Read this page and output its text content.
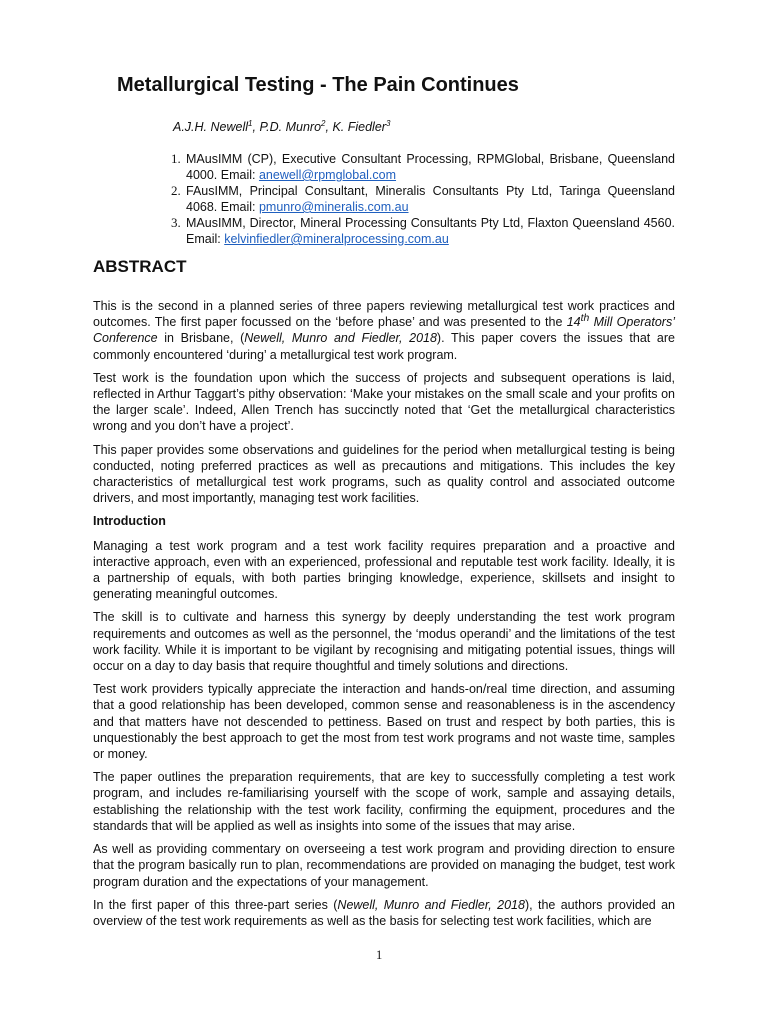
Metallurgical Testing - The Pain Continues
A.J.H. Newell$^1$, P.D. Munro$^2$, K. Fiedler$^3$
1. MAusIMM (CP), Executive Consultant Processing, RPMGlobal, Brisbane, Queensland 4000. Email: anewell@rpmglobal.com
2. FAusIMM, Principal Consultant, Mineralis Consultants Pty Ltd, Taringa Queensland 4068. Email: pmunro@mineralis.com.au
3. MAusIMM, Director, Mineral Processing Consultants Pty Ltd, Flaxton Queensland 4560. Email: kelvinfiedler@mineralprocessing.com.au
ABSTRACT

This is the second in a planned series of three papers reviewing metallurgical test work practices and outcomes. The first paper focussed on the ‘before phase’ and was presented to the 14th Mill Operators’ Conference in Brisbane, (Newell, Munro and Fiedler, 2018). This paper covers the issues that are commonly encountered ‘during’ a metallurgical test work program.

Test work is the foundation upon which the success of projects and subsequent operations is laid, reflected in Arthur Taggart’s pithy observation: ‘Make your mistakes on the small scale and your profits on the larger scale’. Indeed, Allen Trench has succinctly noted that ‘Get the metallurgical characteristics wrong and you don’t have a project’.

This paper provides some observations and guidelines for the period when metallurgical testing is being conducted, noting preferred practices as well as precautions and mitigations. This includes the key characteristics of metallurgical test work programs, such as quality control and associated outcome drivers, and most importantly, managing test work facilities.

Introduction

Managing a test work program and a test work facility requires preparation and a proactive and interactive approach, even with an experienced, professional and reputable test work facility. Ideally, it is a partnership of equals, with both parties bringing knowledge, experience, skillsets and insight to generating meaningful outcomes.

The skill is to cultivate and harness this synergy by deeply understanding the test work program requirements and outcomes as well as the personnel, the ‘modus operandi’ and the limitations of the test work facility. While it is important to be vigilant by recognising and mitigating potential issues, things will occur on a day to day basis that require thoughtful and timely solutions and directions.

Test work providers typically appreciate the interaction and hands-on/real time direction, and assuming that a good relationship has been developed, common sense and reasonableness is in the ascendency and that matters have not descended to pettiness. Based on trust and respect by both parties, this is unquestionably the best approach to get the most from test work programs and not waste time, samples or money.

The paper outlines the preparation requirements, that are key to successfully completing a test work program, and includes re-familiarising yourself with the scope of work, sample and assaying details, establishing the relationship with the test work facility, confirming the equipment, procedures and the standards that will be applied as well as insights into some of the issues that may arise.

As well as providing commentary on overseeing a test work program and providing direction to ensure that the program basically run to plan, recommendations are provided on managing the budget, test work program duration and the expectations of your management.

In the first paper of this three-part series (Newell, Munro and Fiedler, 2018), the authors provided an overview of the test work requirements as well as the basis for selecting test work facilities, which are

1
